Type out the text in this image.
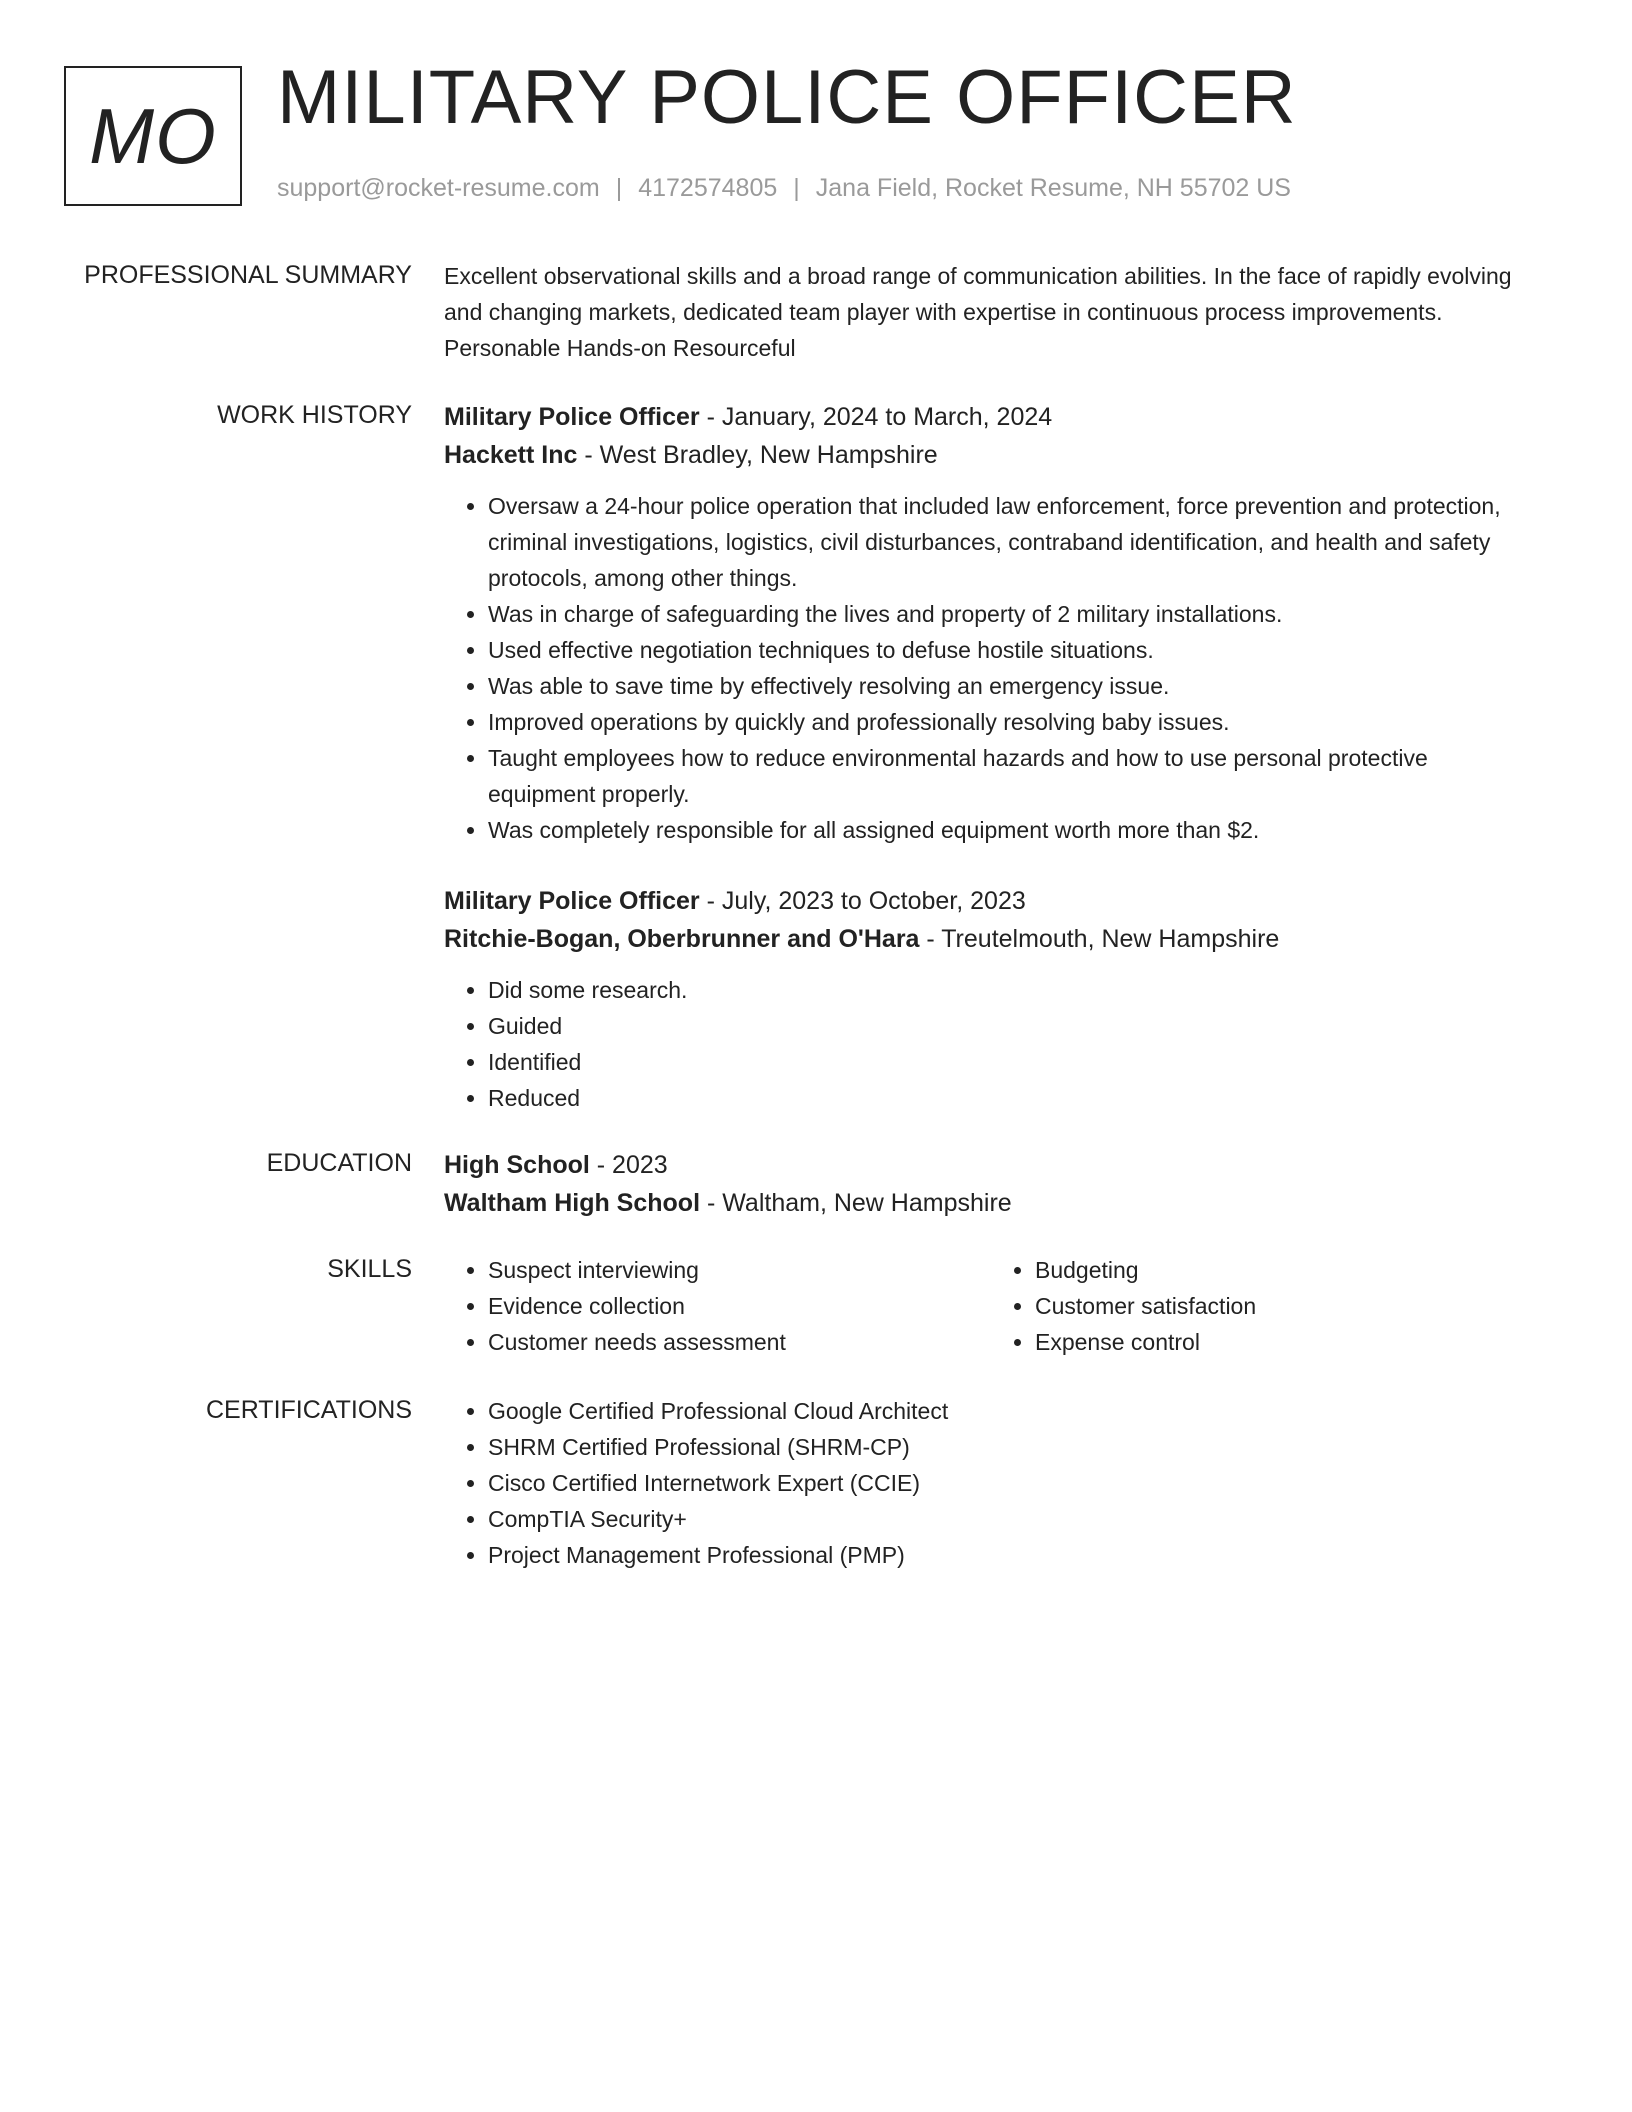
MO MILITARY POLICE OFFICER
support@rocket-resume.com | 4172574805 | Jana Field, Rocket Resume, NH 55702 US
PROFESSIONAL SUMMARY Excellent observational skills and a broad range of communication abilities. In the face of rapidly evolving and changing markets, dedicated team player with expertise in continuous process improvements. Personable Hands-on Resourceful

WORK HISTORY Military Police Officer - January, 2024 to March, 2024

Hackett Inc - West Bradley, New Hampshire

• Oversaw a 24-hour police operation that included law enforcement, force prevention and protection, criminal investigations, logistics, civil disturbances, contraband identification, and health and safety protocols, among other things.
• Was in charge of safeguarding the lives and property of 2 military installations.
• Used effective negotiation techniques to defuse hostile situations.
• Was able to save time by effectively resolving an emergency issue.
• Improved operations by quickly and professionally resolving baby issues.
• Taught employees how to reduce environmental hazards and how to use personal protective equipment properly.
• Was completely responsible for all assigned equipment worth more than $2.

Military Police Officer - July, 2023 to October, 2023

Ritchie-Bogan, Oberbrunner and O'Hara - Treutelmouth, New Hampshire

• Did some research.
• Guided
• Identified
• Reduced
EDUCATION High School - 2023

Waltham High School - Waltham, New Hampshire

SKILLS	• Suspect interviewing
• Evidence collection
• Customer needs assessment
• Budgeting
• Customer satisfaction
• Expense control
CERTIFICATIONS	• Google Certified Professional Cloud Architect
• SHRM Certified Professional (SHRM-CP)
• Cisco Certified Internetwork Expert (CCIE)
• CompTIA Security+
• Project Management Professional (PMP)
